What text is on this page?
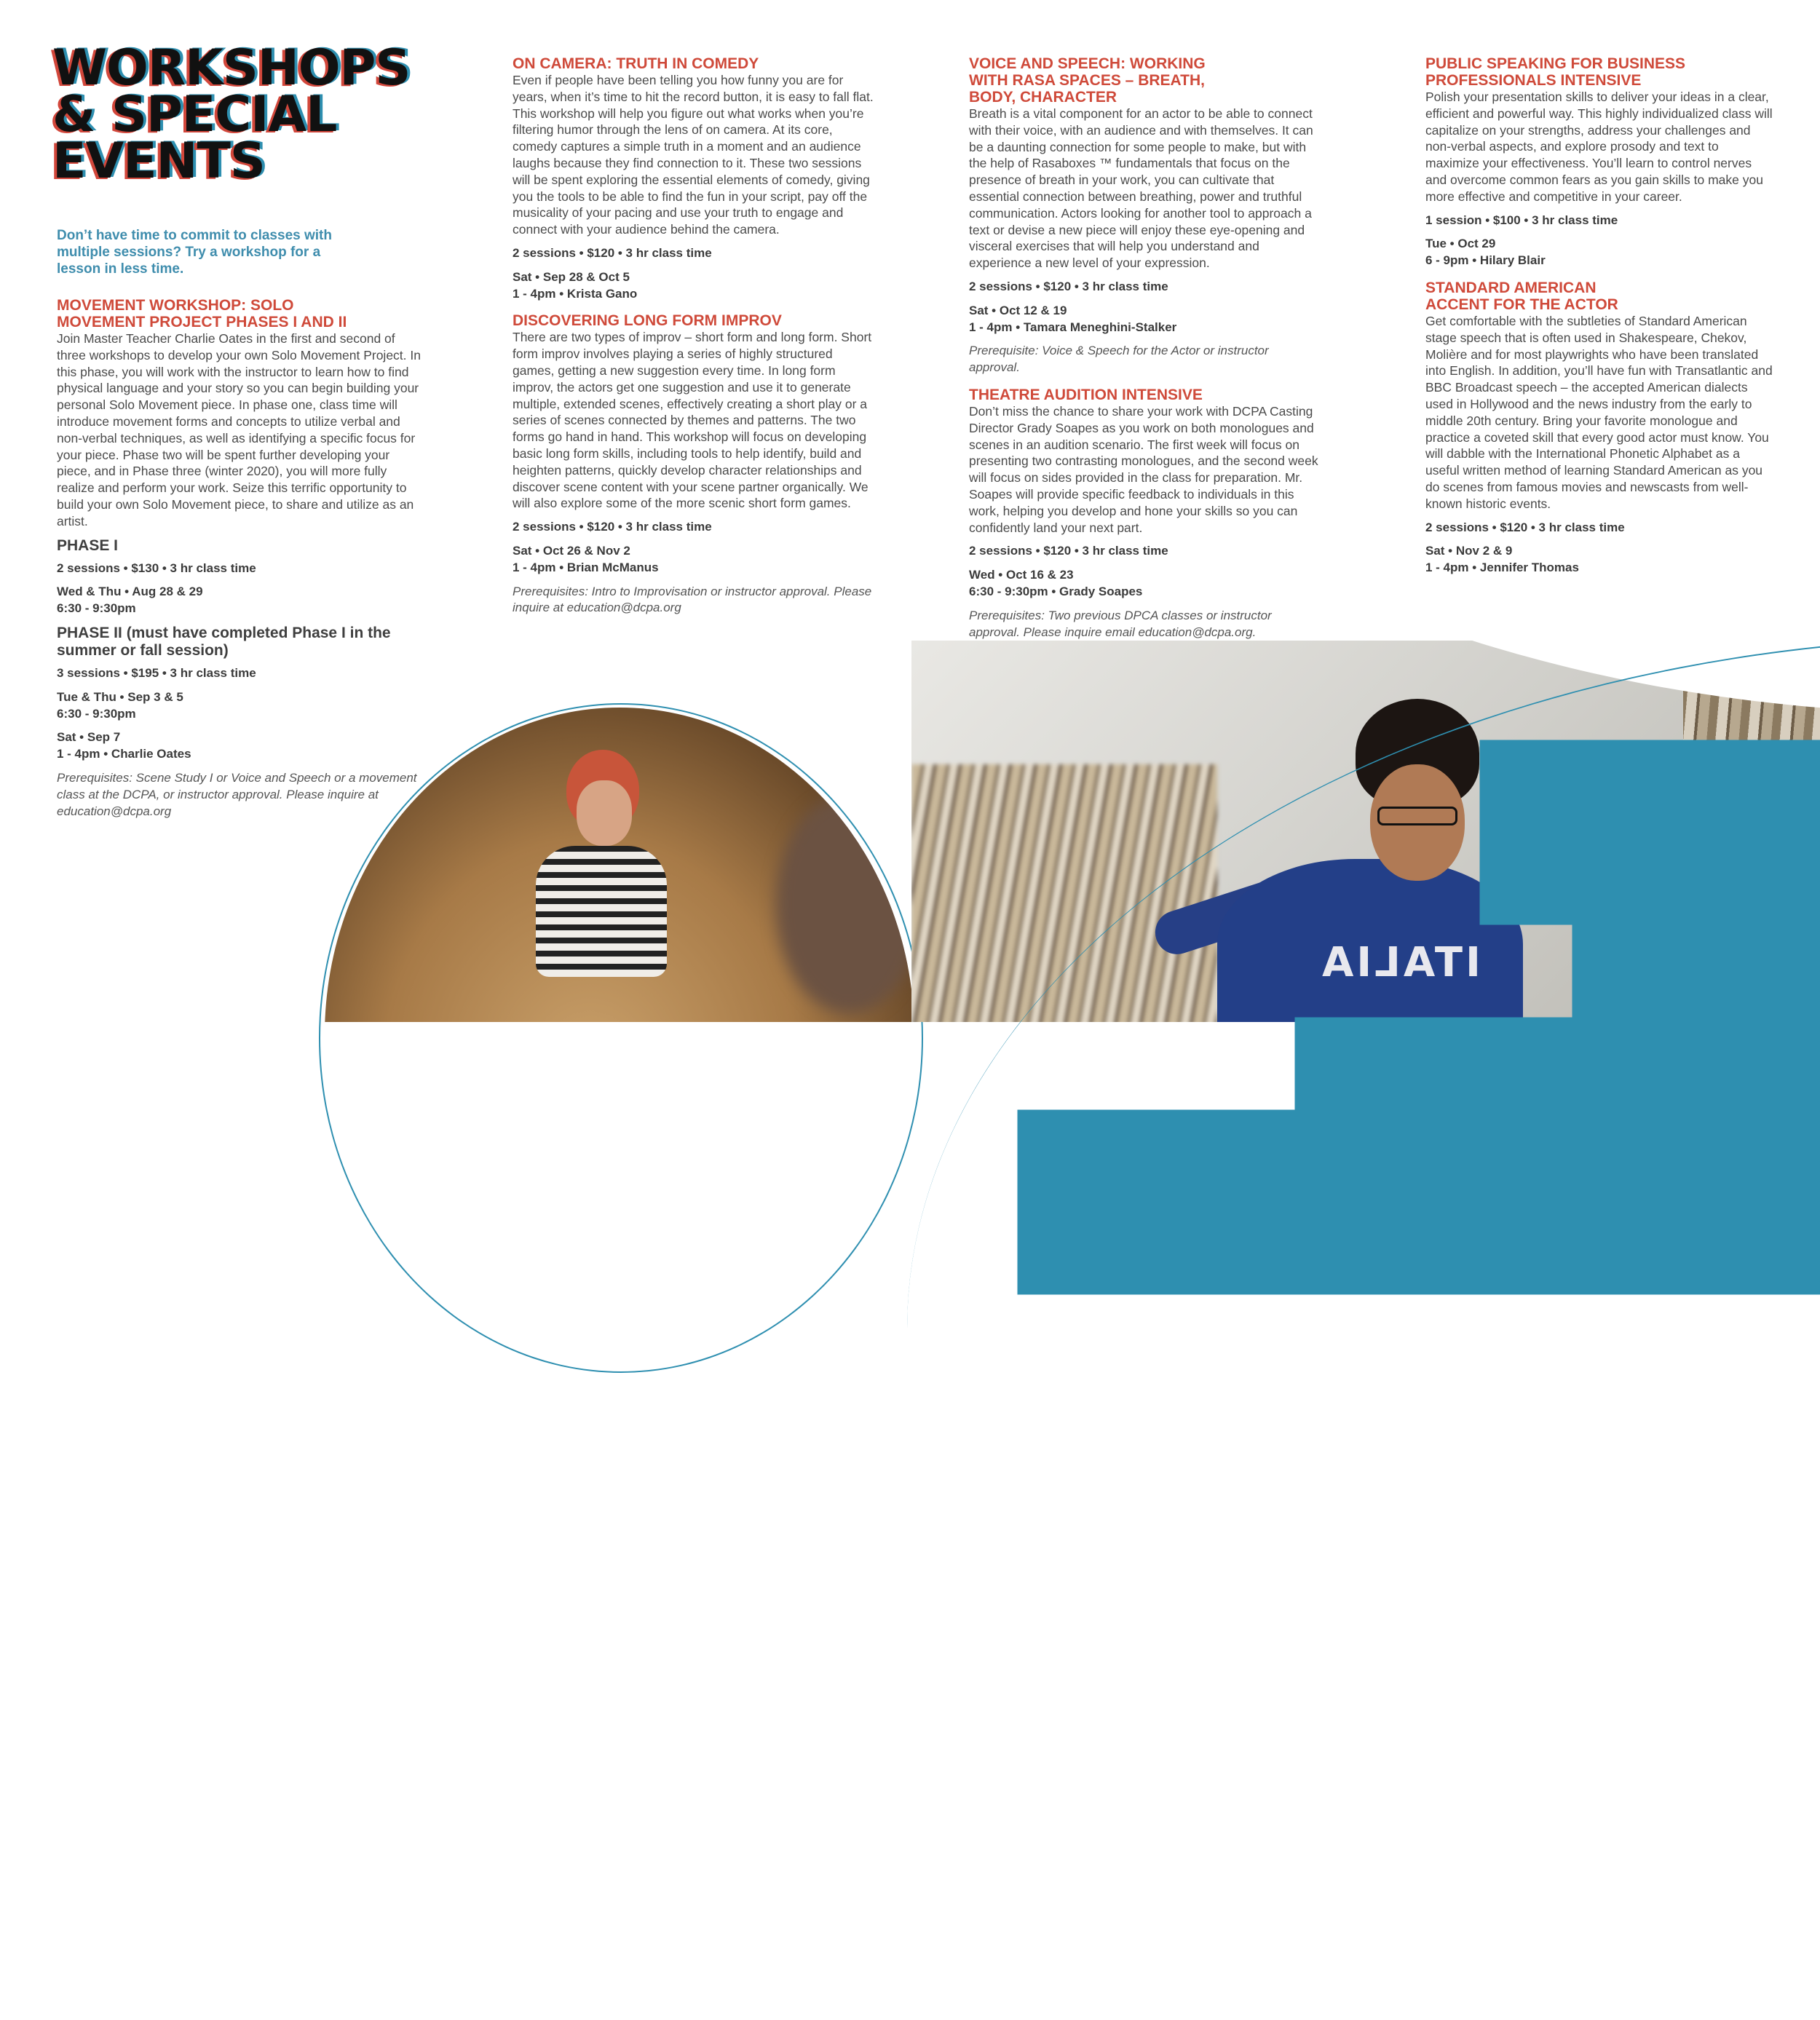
WORKSHOPS
& SPECIAL
EVENTS

Don’t have time to commit to classes with multiple sessions? Try a workshop for a lesson in less time.

MOVEMENT WORKSHOP: SOLO
MOVEMENT PROJECT PHASES I AND II

Join Master Teacher Charlie Oates in the first and second of three workshops to develop your own Solo Movement Project. In this phase, you will work with the instructor to learn how to find physical language and your story so you can begin building your personal Solo Movement piece. In phase one, class time will introduce movement forms and concepts to utilize verbal and non-verbal techniques, as well as identifying a specific focus for your piece. Phase two will be spent further developing your piece, and in Phase three (winter 2020), you will more fully realize and perform your work. Seize this terrific opportunity to build your own Solo Movement piece, to share and utilize as an artist.

PHASE I

2 sessions • $130 • 3 hr class time

Wed & Thu • Aug 28 & 29
6:30 - 9:30pm

PHASE II (must have completed Phase I in the summer or fall session)

3 sessions • $195 • 3 hr class time

Tue & Thu • Sep 3 & 5
6:30 - 9:30pm

Sat • Sep 7
1 - 4pm • Charlie Oates

Prerequisites: Scene Study I or Voice and Speech or a movement class at the DCPA, or instructor approval. Please inquire at education@dcpa.org

ON CAMERA: TRUTH IN COMEDY

Even if people have been telling you how funny you are for years, when it’s time to hit the record button, it is easy to fall flat. This workshop will help you figure out what works when you’re filtering humor through the lens of on camera. At its core, comedy captures a simple truth in a moment and an audience laughs because they find connection to it. These two sessions will be spent exploring the essential elements of comedy, giving you the tools to be able to find the fun in your script, pay off the musicality of your pacing and use your truth to engage and connect with your audience behind the camera.

2 sessions • $120 • 3 hr class time

Sat • Sep 28 & Oct 5
1 - 4pm • Krista Gano

DISCOVERING LONG FORM IMPROV

There are two types of improv – short form and long form. Short form improv involves playing a series of highly structured games, getting a new suggestion every time. In long form improv, the actors get one suggestion and use it to generate multiple, extended scenes, effectively creating a short play or a series of scenes connected by themes and patterns. The two forms go hand in hand. This workshop will focus on developing basic long form skills, including tools to help identify, build and heighten patterns, quickly develop character relationships and discover scene content with your scene partner organically. We will also explore some of the more scenic short form games.

2 sessions • $120 • 3 hr class time

Sat • Oct 26 & Nov 2
1 - 4pm • Brian McManus

Prerequisites: Intro to Improvisation or instructor approval. Please inquire at education@dcpa.org

VOICE AND SPEECH: WORKING
WITH RASA SPACES – BREATH,
BODY, CHARACTER

Breath is a vital component for an actor to be able to connect with their voice, with an audience and with themselves. It can be a daunting connection for some people to make, but with the help of Rasaboxes ™ fundamentals that focus on the presence of breath in your work, you can cultivate that essential connection between breathing, power and truthful communication. Actors looking for another tool to approach a text or devise a new piece will enjoy these eye-opening and visceral exercises that will help you understand and experience a new level of your expression.

2 sessions • $120 • 3 hr class time

Sat • Oct 12 & 19
1 - 4pm • Tamara Meneghini-Stalker

Prerequisite: Voice & Speech for the Actor or instructor approval.

THEATRE AUDITION INTENSIVE

Don’t miss the chance to share your work with DCPA Casting Director Grady Soapes as you work on both monologues and scenes in an audition scenario. The first week will focus on presenting two contrasting monologues, and the second week will focus on sides provided in the class for preparation. Mr. Soapes will provide specific feedback to individuals in this work, helping you develop and hone your skills so you can confidently land your next part.

2 sessions • $120 • 3 hr class time

Wed • Oct 16 & 23
6:30 - 9:30pm • Grady Soapes

Prerequisites: Two previous DPCA classes or instructor approval. Please inquire email education@dcpa.org.

PUBLIC SPEAKING FOR BUSINESS
PROFESSIONALS INTENSIVE

Polish your presentation skills to deliver your ideas in a clear, efficient and powerful way. This highly individualized class will capitalize on your strengths, address your challenges and non-verbal aspects, and explore prosody and text to maximize your effectiveness. You’ll learn to control nerves and overcome common fears as you gain skills to make you more effective and competitive in your career.

1 session • $100 • 3 hr class time

Tue • Oct 29
6 - 9pm • Hilary Blair

STANDARD AMERICAN
ACCENT FOR THE ACTOR

Get comfortable with the subtleties of Standard American stage speech that is often used in Shakespeare, Chekov, Molière and for most playwrights who have been translated into English. In addition, you’ll have fun with Transatlantic and BBC Broadcast speech – the accepted American dialects used in Hollywood and the news industry from the early to middle 20th century. Bring your favorite monologue and practice a coveted skill that every good actor must know. You will dabble with the International Phonetic Alphabet as a useful written method of learning Standard American as you do scenes from famous movies and newscasts from well-known historic events.

2 sessions • $120 • 3 hr class time

Sat • Nov 2 & 9
1 - 4pm • Jennifer Thomas

ITALIA
